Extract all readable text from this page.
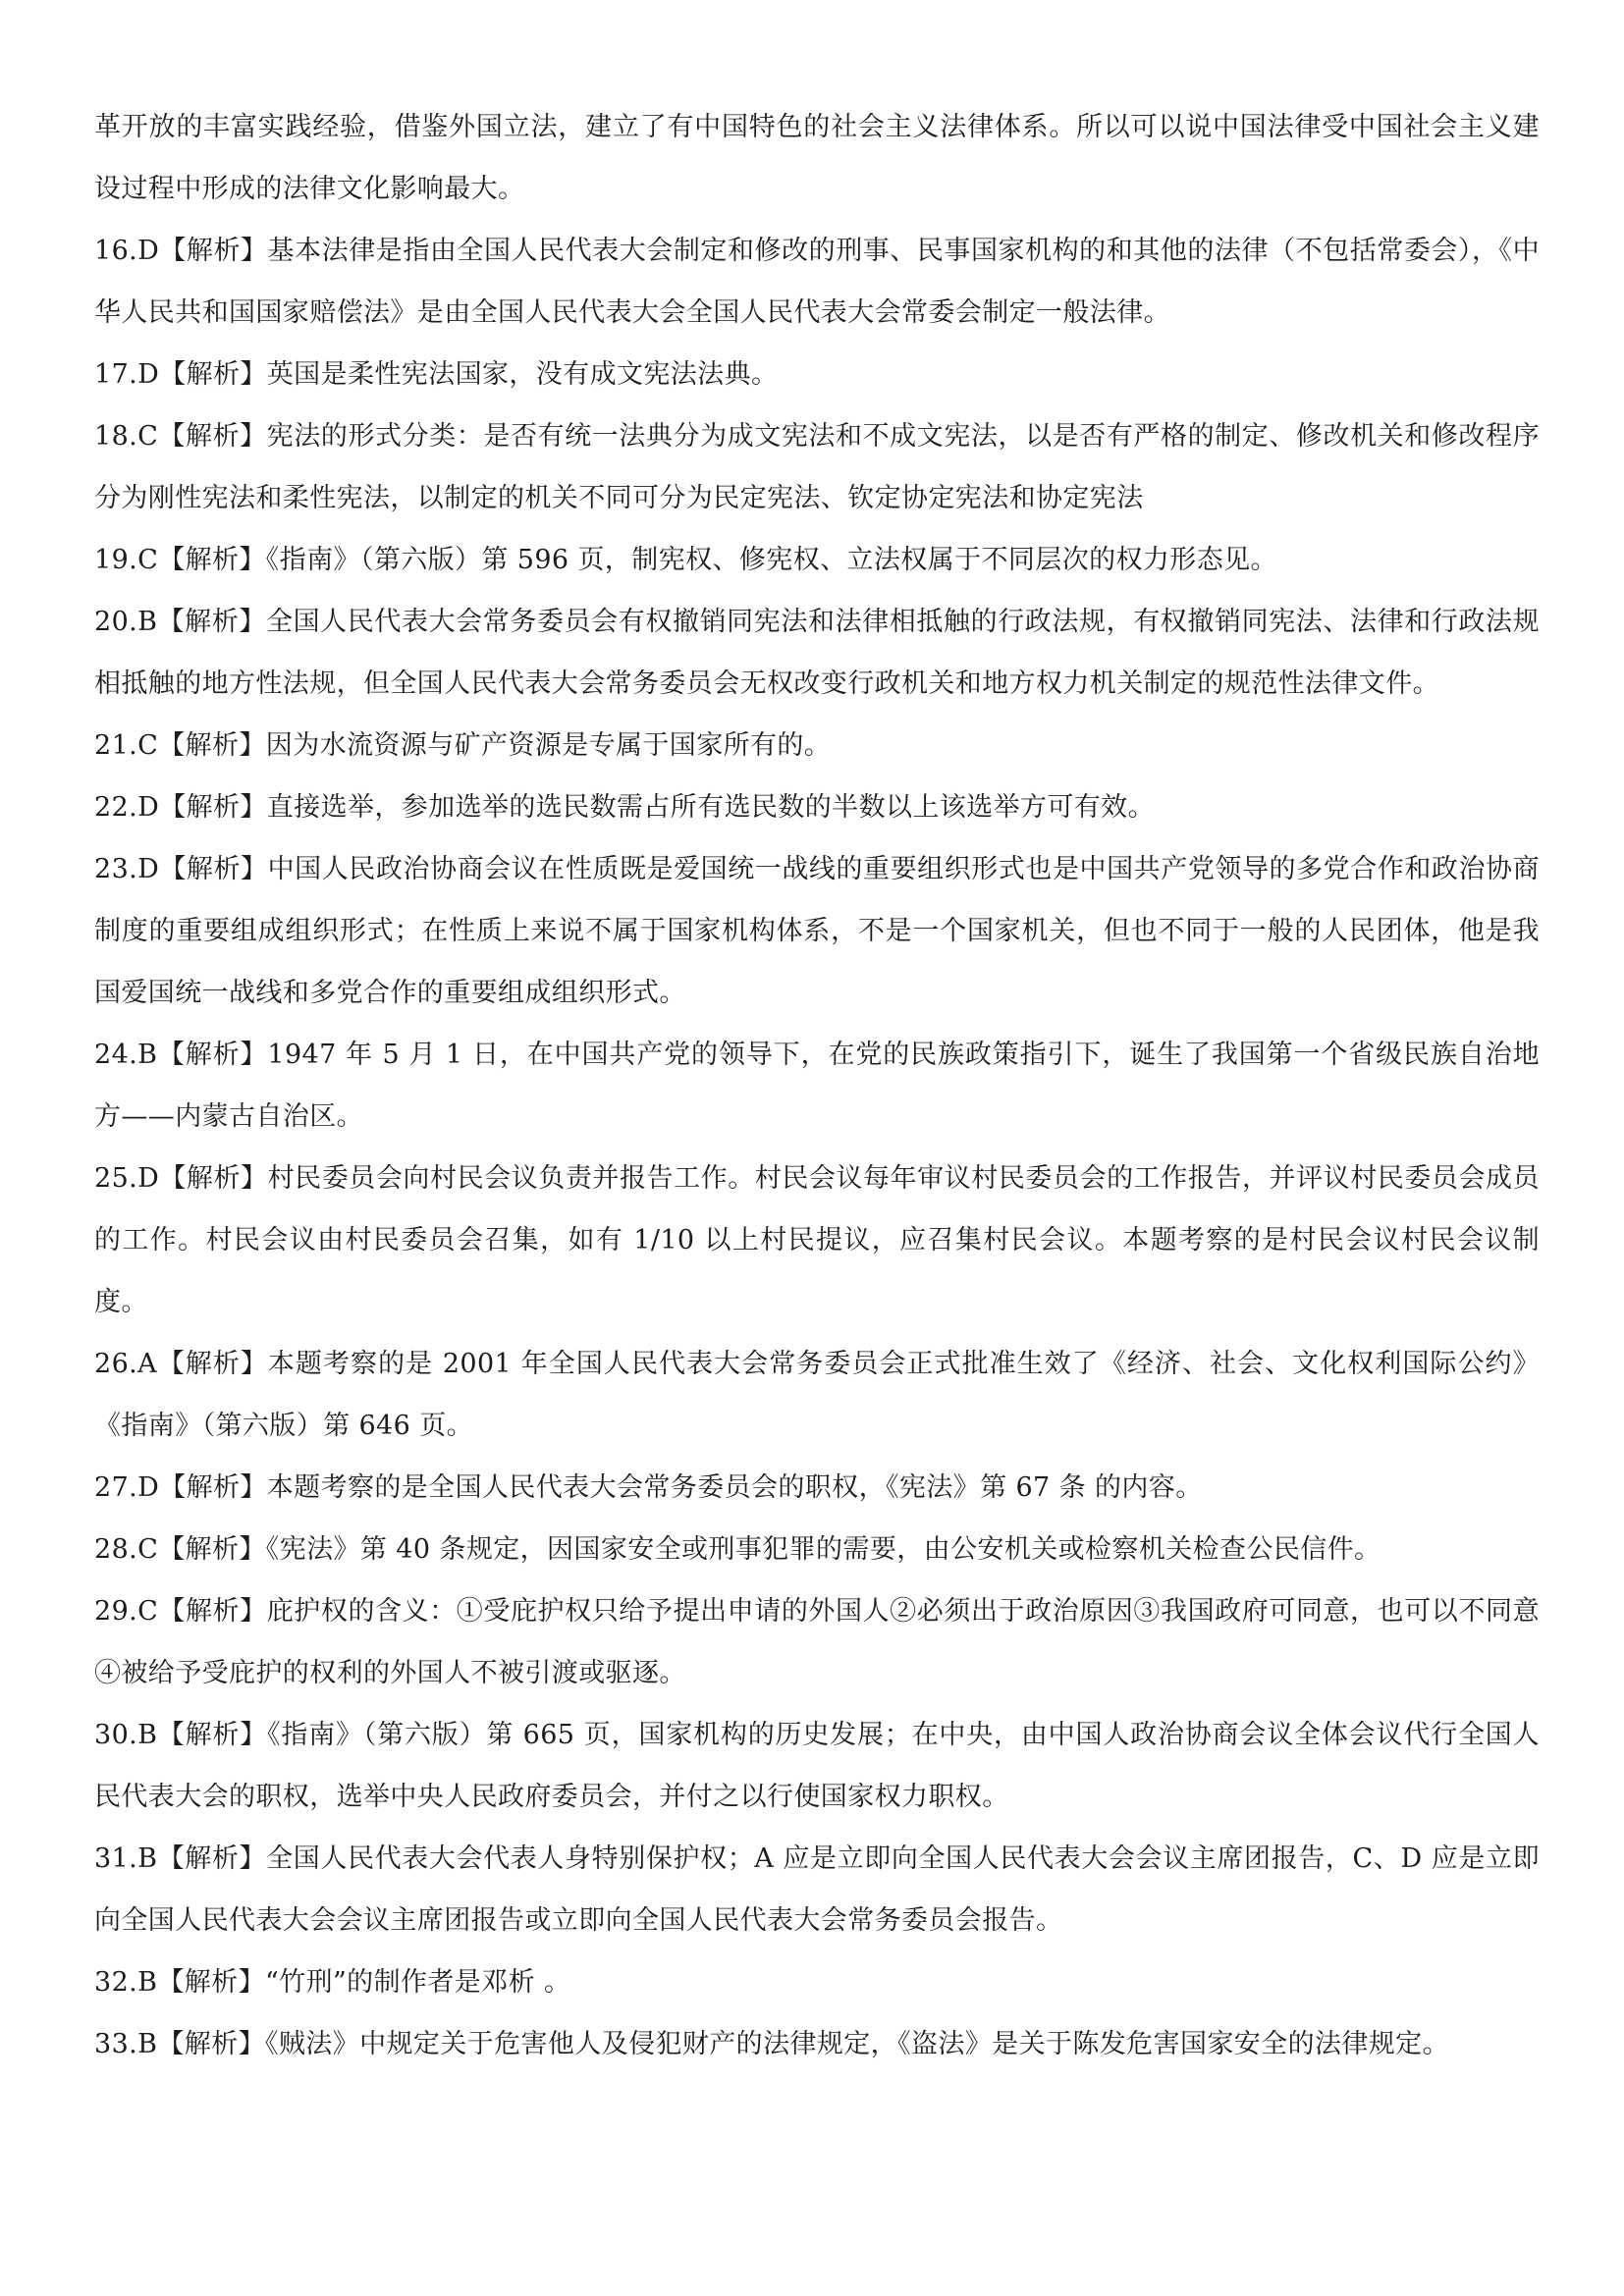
革开放的丰富实践经验，借鉴外国立法，建立了有中国特色的社会主义法律体系。所以可以说中国法律受中国社会主义建设过程中形成的法律文化影响最大。

16.D【解析】基本法律是指由全国人民代表大会制定和修改的刑事、民事国家机构的和其他的法律（不包括常委会），《中华人民共和国国家赔偿法》是由全国人民代表大会全国人民代表大会常委会制定一般法律。

17.D【解析】英国是柔性宪法国家，没有成文宪法法典。

18.C【解析】宪法的形式分类：是否有统一法典分为成文宪法和不成文宪法，以是否有严格的制定、修改机关和修改程序分为刚性宪法和柔性宪法，以制定的机关不同可分为民定宪法、钦定协定宪法和协定宪法

19.C【解析】《指南》（第六版）第 596 页，制宪权、修宪权、立法权属于不同层次的权力形态见。

20.B【解析】全国人民代表大会常务委员会有权撤销同宪法和法律相抵触的行政法规，有权撤销同宪法、法律和行政法规相抵触的地方性法规，但全国人民代表大会常务委员会无权改变行政机关和地方权力机关制定的规范性法律文件。

21.C【解析】因为水流资源与矿产资源是专属于国家所有的。

22.D【解析】直接选举，参加选举的选民数需占所有选民数的半数以上该选举方可有效。

23.D【解析】中国人民政治协商会议在性质既是爱国统一战线的重要组织形式也是中国共产党领导的多党合作和政治协商制度的重要组成组织形式；在性质上来说不属于国家机构体系，不是一个国家机关，但也不同于一般的人民团体，他是我国爱国统一战线和多党合作的重要组成组织形式。

24.B【解析】1947 年 5 月 1 日，在中国共产党的领导下，在党的民族政策指引下，诞生了我国第一个省级民族自治地方——内蒙古自治区。

25.D【解析】村民委员会向村民会议负责并报告工作。村民会议每年审议村民委员会的工作报告，并评议村民委员会成员的工作。村民会议由村民委员会召集，如有 1/10 以上村民提议，应召集村民会议。本题考察的是村民会议村民会议制度。

26.A【解析】本题考察的是 2001 年全国人民代表大会常务委员会正式批准生效了《经济、社会、文化权利国际公约》《指南》（第六版）第 646 页。

27.D【解析】本题考察的是全国人民代表大会常务委员会的职权，《宪法》第 67 条 的内容。

28.C【解析】《宪法》第 40 条规定，因国家安全或刑事犯罪的需要，由公安机关或检察机关检查公民信件。

29.C【解析】庇护权的含义：①受庇护权只给予提出申请的外国人②必须出于政治原因③我国政府可同意，也可以不同意④被给予受庇护的权利的外国人不被引渡或驱逐。

30.B【解析】《指南》（第六版）第 665 页，国家机构的历史发展；在中央，由中国人政治协商会议全体会议代行全国人民代表大会的职权，选举中央人民政府委员会，并付之以行使国家权力职权。

31.B【解析】全国人民代表大会代表人身特别保护权；A 应是立即向全国人民代表大会会议主席团报告，C、D 应是立即向全国人民代表大会会议主席团报告或立即向全国人民代表大会常务委员会报告。

32.B【解析】“竹刑”的制作者是邓析 。

33.B【解析】《贼法》中规定关于危害他人及侵犯财产的法律规定，《盗法》是关于陈发危害国家安全的法律规定。
